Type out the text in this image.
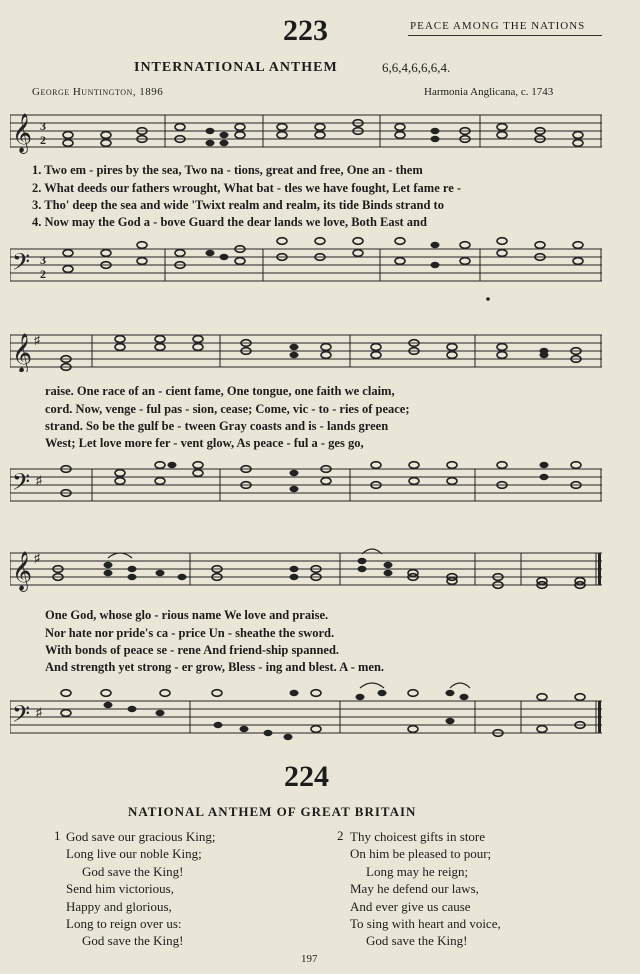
223	PEACE AMONG THE NATIONS
INTERNATIONAL ANTHEM	6,6,4,6,6,6,4.
George Huntington, 1896	Harmonia Anglicana, c. 1743
𝄞 3
2
1. Two em - pires by the sea, Two na - tions, great and free, One an - them
2. What deeds our fathers wrought, What bat - tles we have fought, Let fame re -
3. Tho' deep the sea and wide 'Twixt realm and realm, its tide Binds strand to
4. Now may the God a - bove Guard the dear lands we love, Both East and
𝄢 3
2
𝄞 ♯
raise. One race of an - cient fame, One tongue, one faith we claim,
cord. Now, venge - ful pas - sion, cease; Come, vic - to - ries of peace;
strand. So be the gulf be - tween Gray coasts and is - lands green
West; Let love more fer - vent glow, As peace - ful a - ges go,
𝄢 ♯
𝄞 ♯
One God, whose glo - rious name We love and praise.
Nor hate nor pride's ca - price Un - sheathe the sword.
With bonds of peace se - rene And friend-ship spanned.
And strength yet strong - er grow, Bless - ing and blest. A - men.
𝄢 ♯
224
NATIONAL ANTHEM OF GREAT BRITAIN
1 God save our gracious King;
Long live our noble King;
God save the King!
Send him victorious,
Happy and glorious,
Long to reign over us:
God save the King!
2 Thy choicest gifts in store
On him be pleased to pour;
Long may he reign;
May he defend our laws,
And ever give us cause
To sing with heart and voice,
God save the King!
197
